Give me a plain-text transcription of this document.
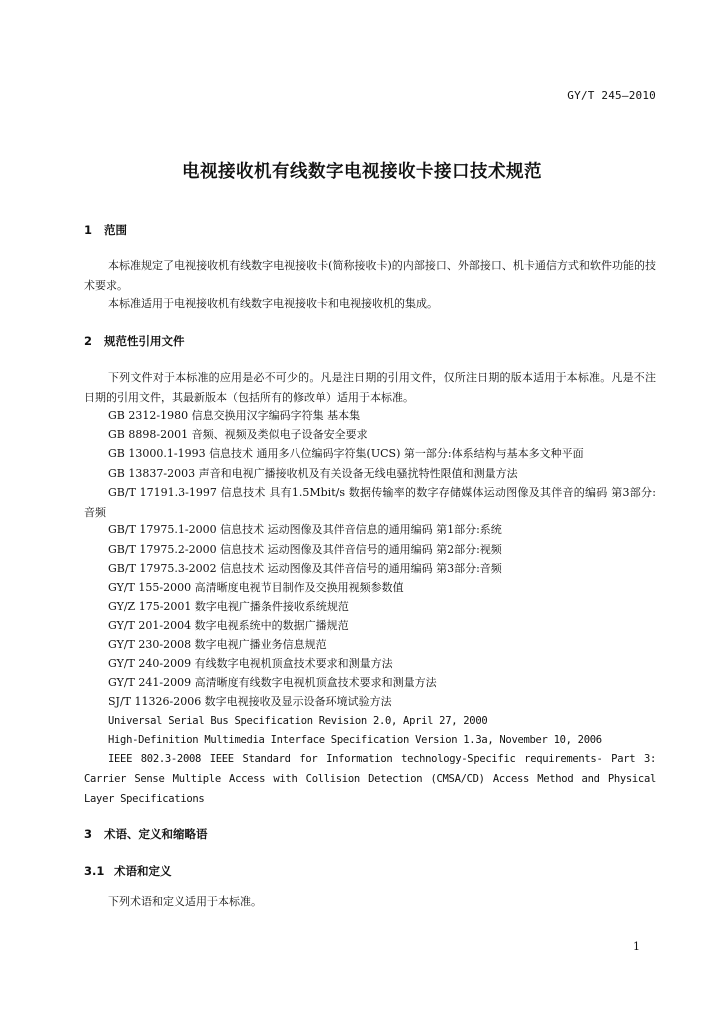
GY/T 245—2010
电视接收机有线数字电视接收卡接口技术规范
1 范围
本标准规定了电视接收机有线数字电视接收卡(简称接收卡)的内部接口、外部接口、机卡通信方式和软件功能的技术要求。
本标准适用于电视接收机有线数字电视接收卡和电视接收机的集成。
2 规范性引用文件
下列文件对于本标准的应用是必不可少的。凡是注日期的引用文件，仅所注日期的版本适用于本标准。凡是不注日期的引用文件，其最新版本（包括所有的修改单）适用于本标准。
GB 2312-1980 信息交换用汉字编码字符集 基本集
GB 8898-2001 音频、视频及类似电子设备安全要求
GB 13000.1-1993 信息技术 通用多八位编码字符集(UCS) 第一部分:体系结构与基本多文种平面
GB 13837-2003 声音和电视广播接收机及有关设备无线电骚扰特性限值和测量方法
GB/T 17191.3-1997 信息技术 具有1.5Mbit/s 数据传输率的数字存储媒体运动图像及其伴音的编码 第3部分:音频
GB/T 17975.1-2000 信息技术 运动图像及其伴音信息的通用编码 第1部分:系统
GB/T 17975.2-2000 信息技术 运动图像及其伴音信号的通用编码 第2部分:视频
GB/T 17975.3-2002 信息技术 运动图像及其伴音信号的通用编码 第3部分:音频
GY/T 155-2000 高清晰度电视节目制作及交换用视频参数值
GY/Z 175-2001 数字电视广播条件接收系统规范
GY/T 201-2004 数字电视系统中的数据广播规范
GY/T 230-2008 数字电视广播业务信息规范
GY/T 240-2009 有线数字电视机顶盒技术要求和测量方法
GY/T 241-2009 高清晰度有线数字电视机顶盒技术要求和测量方法
SJ/T 11326-2006 数字电视接收及显示设备环境试验方法
Universal Serial Bus Specification Revision 2.0, April 27, 2000
High-Definition Multimedia Interface Specification Version 1.3a, November 10, 2006
IEEE 802.3-2008 IEEE Standard for Information technology-Specific requirements- Part 3: Carrier Sense Multiple Access with Collision Detection (CMSA/CD) Access Method and Physical Layer Specifications
3 术语、定义和缩略语
3.1 术语和定义
下列术语和定义适用于本标准。
1
